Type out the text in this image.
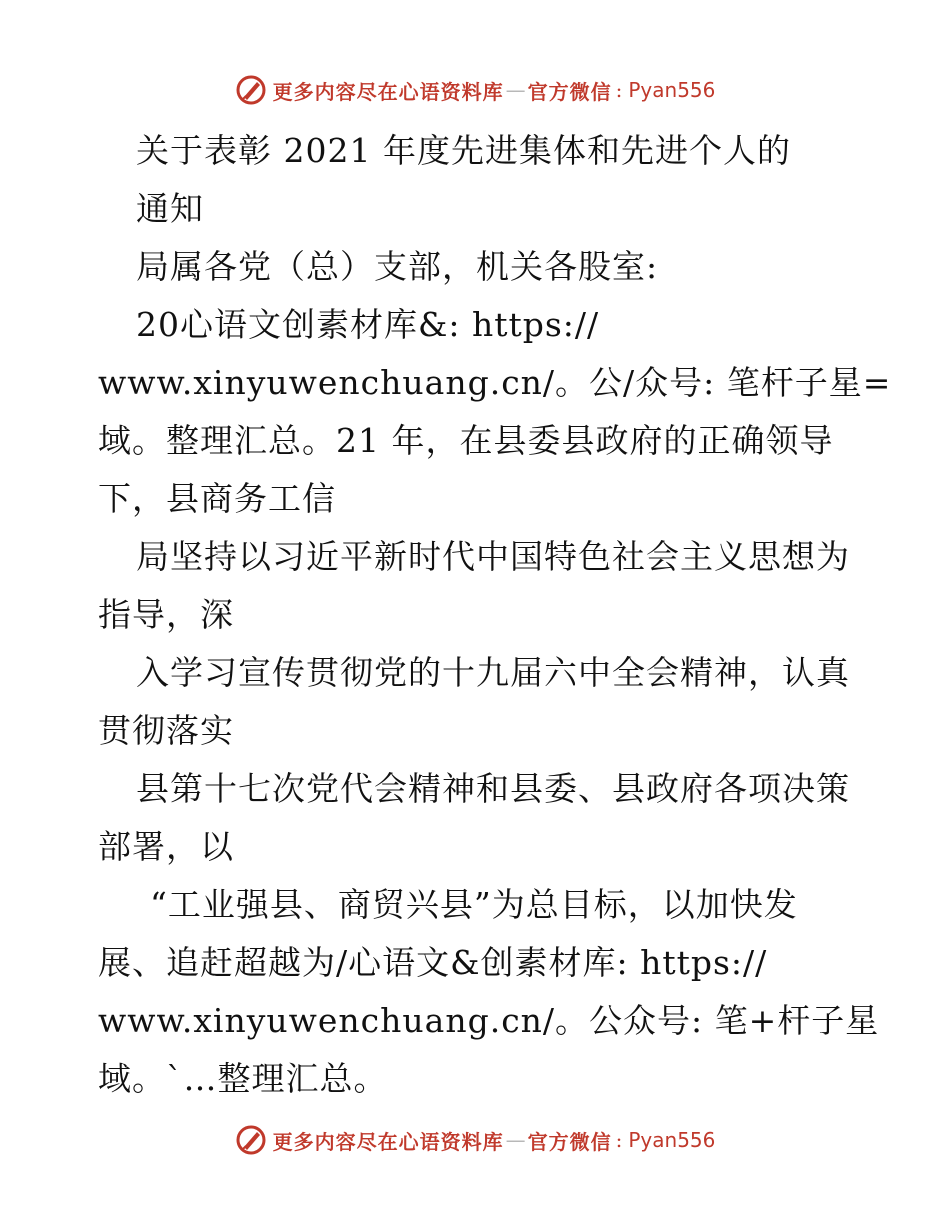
更多内容尽在心语资料库 — 官方微信 : Pyan556
关于表彰 2021 年度先进集体和先进个人的
通知
局属各党（总）支部，机关各股室:
20心语文创素材库&: https://
www.xinyuwenchuang.cn/。公/众号: 笔杆子星=
域。整理汇总。21 年，在县委县政府的正确领导
下，县商务工信
局坚持以习近平新时代中国特色社会主义思想为
指导，深
入学习宣传贯彻党的十九届六中全会精神，认真
贯彻落实
县第十七次党代会精神和县委、县政府各项决策
部署，以
“工业强县、商贸兴县”为总目标，以加快发
展、追赶超越为/心语文&创素材库: https://
www.xinyuwenchuang.cn/。公众号: 笔+杆子星
域。`…整理汇总。
更多内容尽在心语资料库 — 官方微信 : Pyan556
